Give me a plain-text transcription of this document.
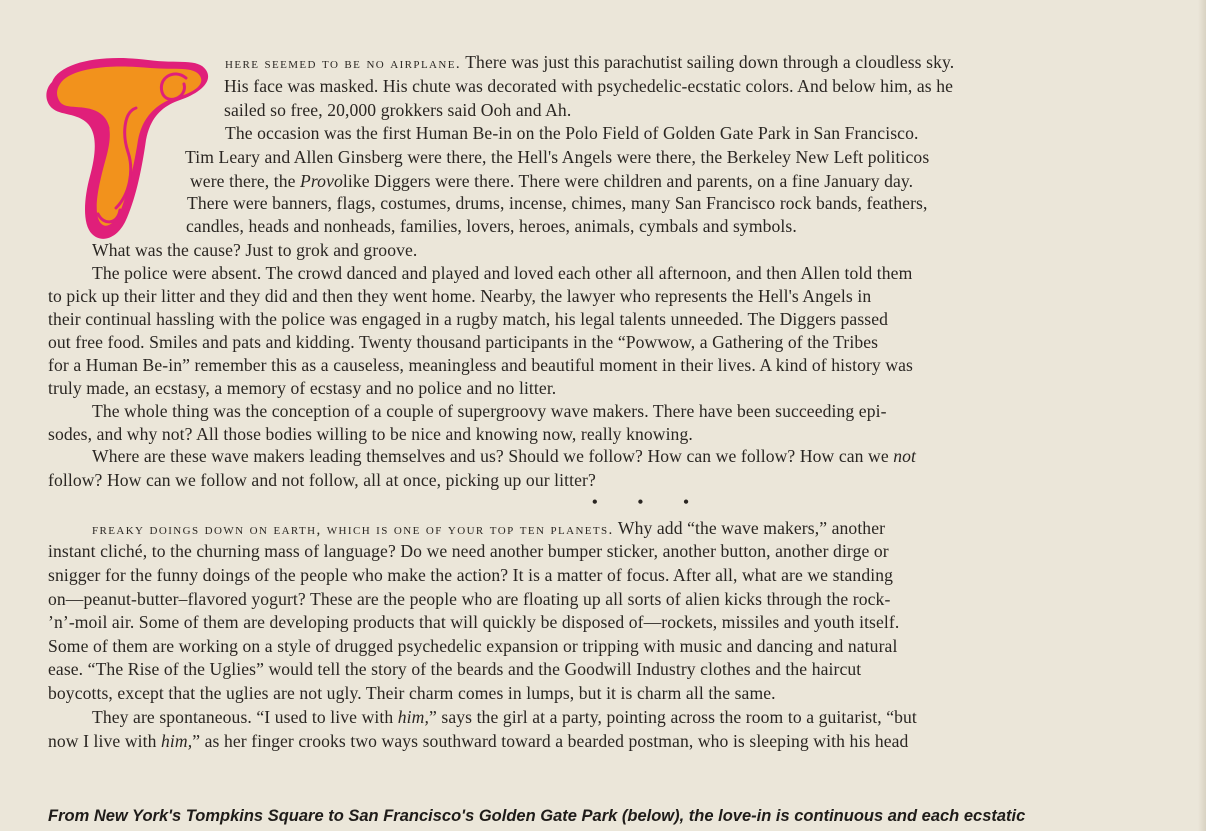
here seemed to be no airplane. There was just this parachutist sailing down through a cloudless sky.
His face was masked. His chute was decorated with psychedelic-ecstatic colors. And below him, as he
sailed so free, 20,000 grokkers said Ooh and Ah.
The occasion was the first Human Be-in on the Polo Field of Golden Gate Park in San Francisco.
Tim Leary and Allen Ginsberg were there, the Hell's Angels were there, the Berkeley New Left politicos
were there, the Provolike Diggers were there. There were children and parents, on a fine January day.
There were banners, flags, costumes, drums, incense, chimes, many San Francisco rock bands, feathers,
candles, heads and nonheads, families, lovers, heroes, animals, cymbals and symbols.
What was the cause? Just to grok and groove.
The police were absent. The crowd danced and played and loved each other all afternoon, and then Allen told them
to pick up their litter and they did and then they went home. Nearby, the lawyer who represents the Hell's Angels in
their continual hassling with the police was engaged in a rugby match, his legal talents unneeded. The Diggers passed
out free food. Smiles and pats and kidding. Twenty thousand participants in the “Powwow, a Gathering of the Tribes
for a Human Be-in” remember this as a causeless, meaningless and beautiful moment in their lives. A kind of history was
truly made, an ecstasy, a memory of ecstasy and no police and no litter.
The whole thing was the conception of a couple of supergroovy wave makers. There have been succeeding epi-
sodes, and why not? All those bodies willing to be nice and knowing now, really knowing.
Where are these wave makers leading themselves and us? Should we follow? How can we follow? How can we not
follow? How can we follow and not follow, all at once, picking up our litter?
• • •
freaky doings down on earth, which is one of your top ten planets. Why add “the wave makers,” another
instant cliché, to the churning mass of language? Do we need another bumper sticker, another button, another dirge or
snigger for the funny doings of the people who make the action? It is a matter of focus. After all, what are we standing
on—peanut-butter–flavored yogurt? These are the people who are floating up all sorts of alien kicks through the rock-
’n’-moil air. Some of them are developing products that will quickly be disposed of—rockets, missiles and youth itself.
Some of them are working on a style of drugged psychedelic expansion or tripping with music and dancing and natural
ease. “The Rise of the Uglies” would tell the story of the beards and the Goodwill Industry clothes and the haircut
boycotts, except that the uglies are not ugly. Their charm comes in lumps, but it is charm all the same.
They are spontaneous. “I used to live with him,” says the girl at a party, pointing across the room to a guitarist, “but
now I live with him,” as her finger crooks two ways southward toward a bearded postman, who is sleeping with his head
From New York's Tompkins Square to San Francisco's Golden Gate Park (below), the love-in is continuous and each ecstatic
